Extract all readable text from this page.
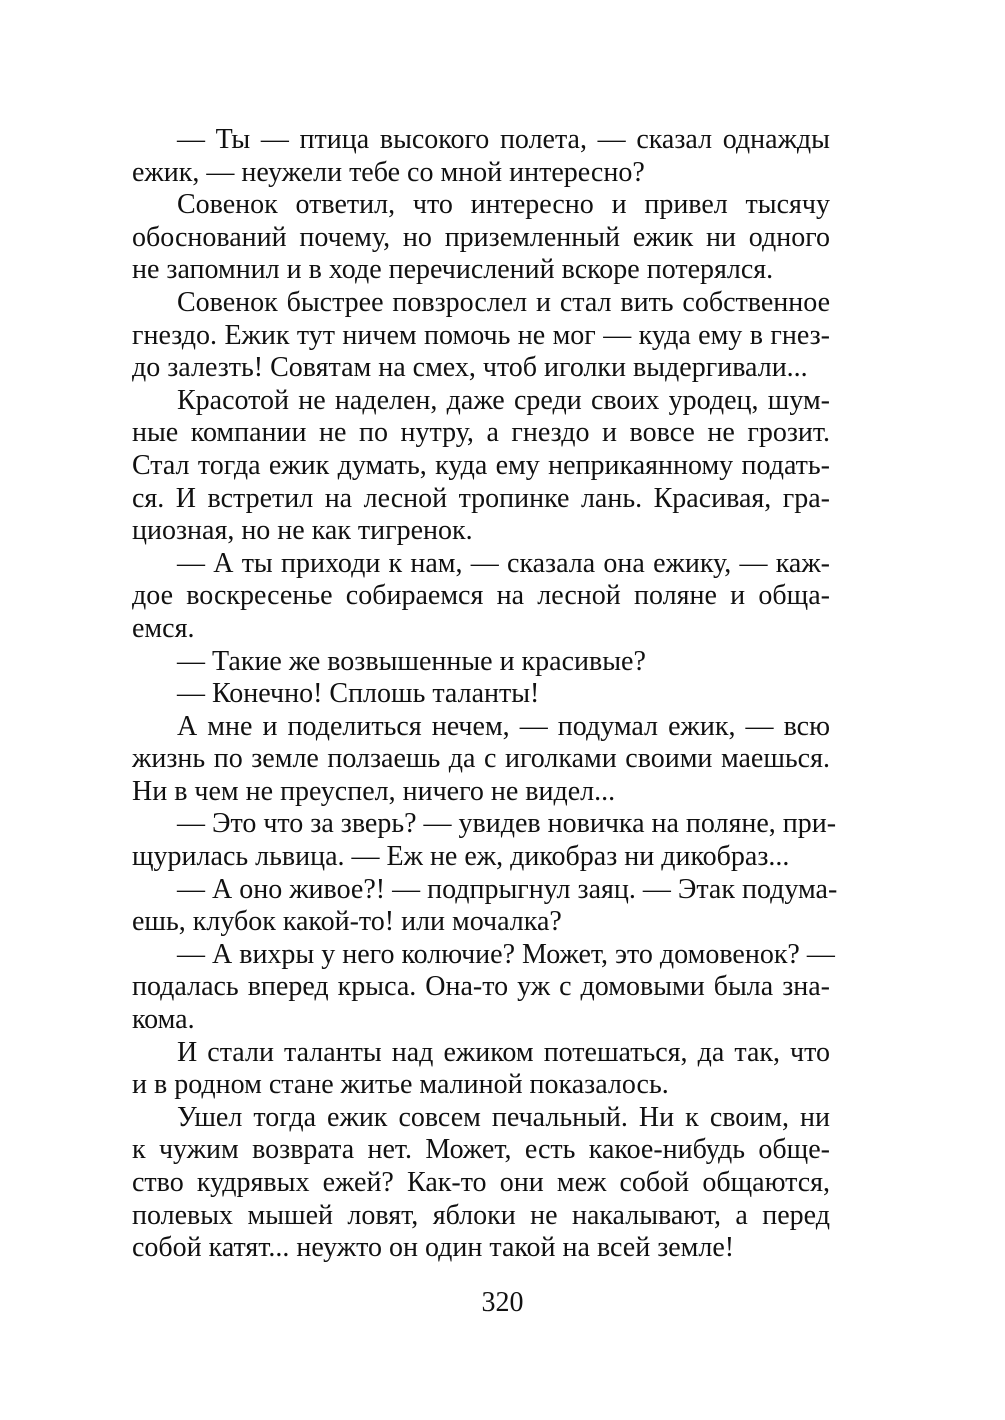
— Ты — птица высокого полета, — сказал однажды
ежик, — неужели тебе со мной интересно?
Совенок ответил, что интересно и привел тысячу
обоснований почему, но приземленный ежик ни одного
не запомнил и в ходе перечислений вскоре потерялся.
Совенок быстрее повзрослел и стал вить собственное
гнездо. Ежик тут ничем помочь не мог — куда ему в гнез-
до залезть! Совятам на смех, чтоб иголки выдергивали...
Красотой не наделен, даже среди своих уродец, шум-
ные компании не по нутру, а гнездо и вовсе не грозит.
Стал тогда ежик думать, куда ему неприкаянному подать-
ся. И встретил на лесной тропинке лань. Красивая, гра-
циозная, но не как тигренок.
— А ты приходи к нам, — сказала она ежику, — каж-
дое воскресенье собираемся на лесной поляне и обща-
емся.
— Такие же возвышенные и красивые?
— Конечно! Сплошь таланты!
А мне и поделиться нечем, — подумал ежик, — всю
жизнь по земле ползаешь да с иголками своими маешься.
Ни в чем не преуспел, ничего не видел...
— Это что за зверь? — увидев новичка на поляне, при-
щурилась львица. — Еж не еж, дикобраз ни дикобраз...
— А оно живое?! — подпрыгнул заяц. — Этак подума-
ешь, клубок какой-то! или мочалка?
— А вихры у него колючие? Может, это домовенок? —
подалась вперед крыса. Она-то уж с домовыми была зна-
кома.
И стали таланты над ежиком потешаться, да так, что
и в родном стане житье малиной показалось.
Ушел тогда ежик совсем печальный. Ни к своим, ни
к чужим возврата нет. Может, есть какое-нибудь обще-
ство кудрявых ежей? Как-то они меж собой общаются,
полевых мышей ловят, яблоки не накалывают, а перед
собой катят... неужто он один такой на всей земле!
320
